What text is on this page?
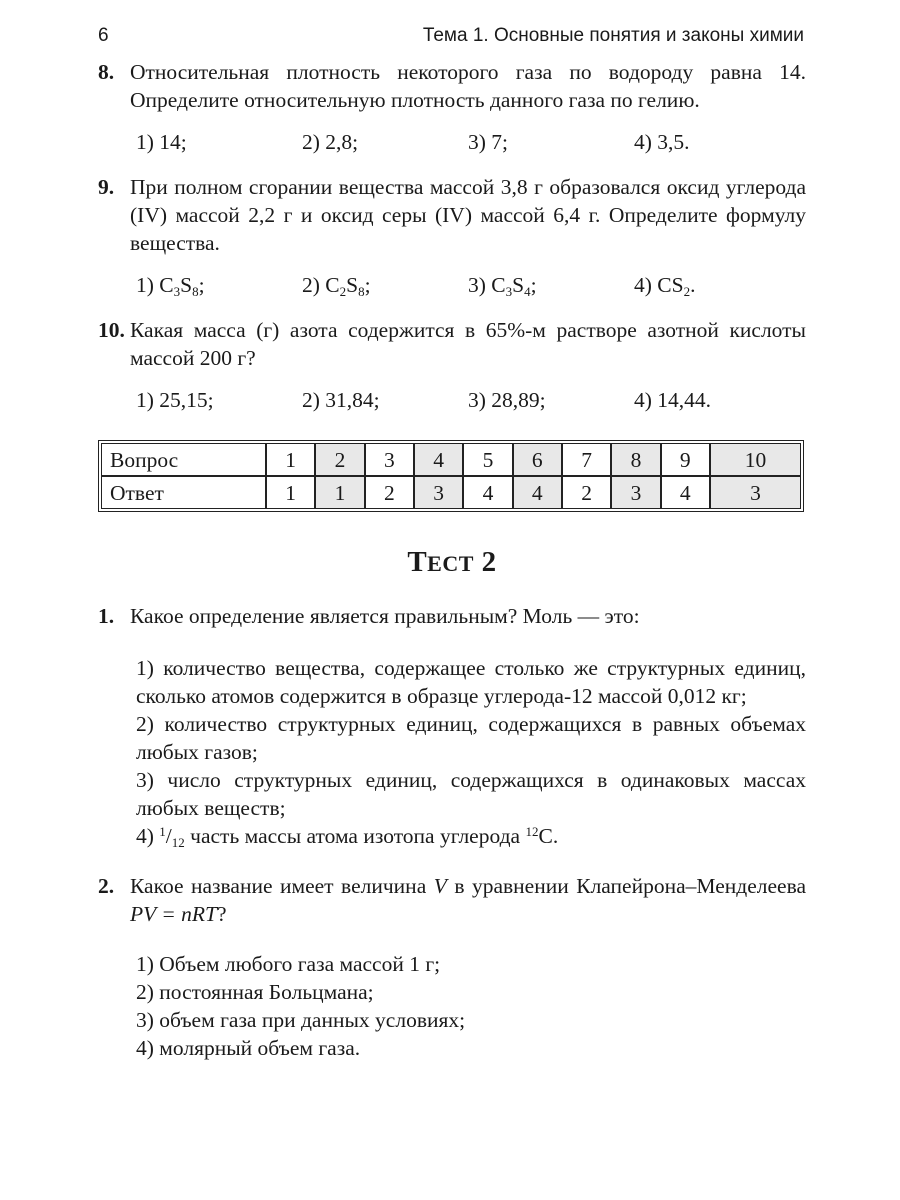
6	Тема 1. Основные понятия и законы химии
8. Относительная плотность некоторого газа по водороду равна 14. Определите относительную плотность данного газа по гелию.
1) 14;	2) 2,8;	3) 7;	4) 3,5.
9. При полном сгорании вещества массой 3,8 г образовался оксид углерода (IV) массой 2,2 г и оксид серы (IV) массой 6,4 г. Определите формулу вещества.
1) $C_3S_8$;	2) $C_2S_8$;	3) $C_3S_4$;	4) $CS_2$.
10. Какая масса (г) азота содержится в 65%-м растворе азотной кислоты массой 200 г?
1) 25,15;	2) 31,84;	3) 28,89;	4) 14,44.
Вопрос	1	2	3	4	5	6	7	8	9	10
Ответ	1	1	2	3	4	4	2	3	4	3
ТЕСТ 2
1. Какое определение является правильным? Моль — это:
1) количество вещества, содержащее столько же структурных единиц, сколько атомов содержится в образце углерода-12 массой 0,012 кг;
2) количество структурных единиц, содержащихся в равных объемах любых газов;
3) число структурных единиц, содержащихся в одинаковых массах любых веществ;
4) $^1/_{12}$ часть массы атома изотопа углерода $^{12}$C.
2. Какое название имеет величина V в уравнении Клапейрона–Менделеева PV = nRT?
1) Объем любого газа массой 1 г;
2) постоянная Больцмана;
3) объем газа при данных условиях;
4) молярный объем газа.
